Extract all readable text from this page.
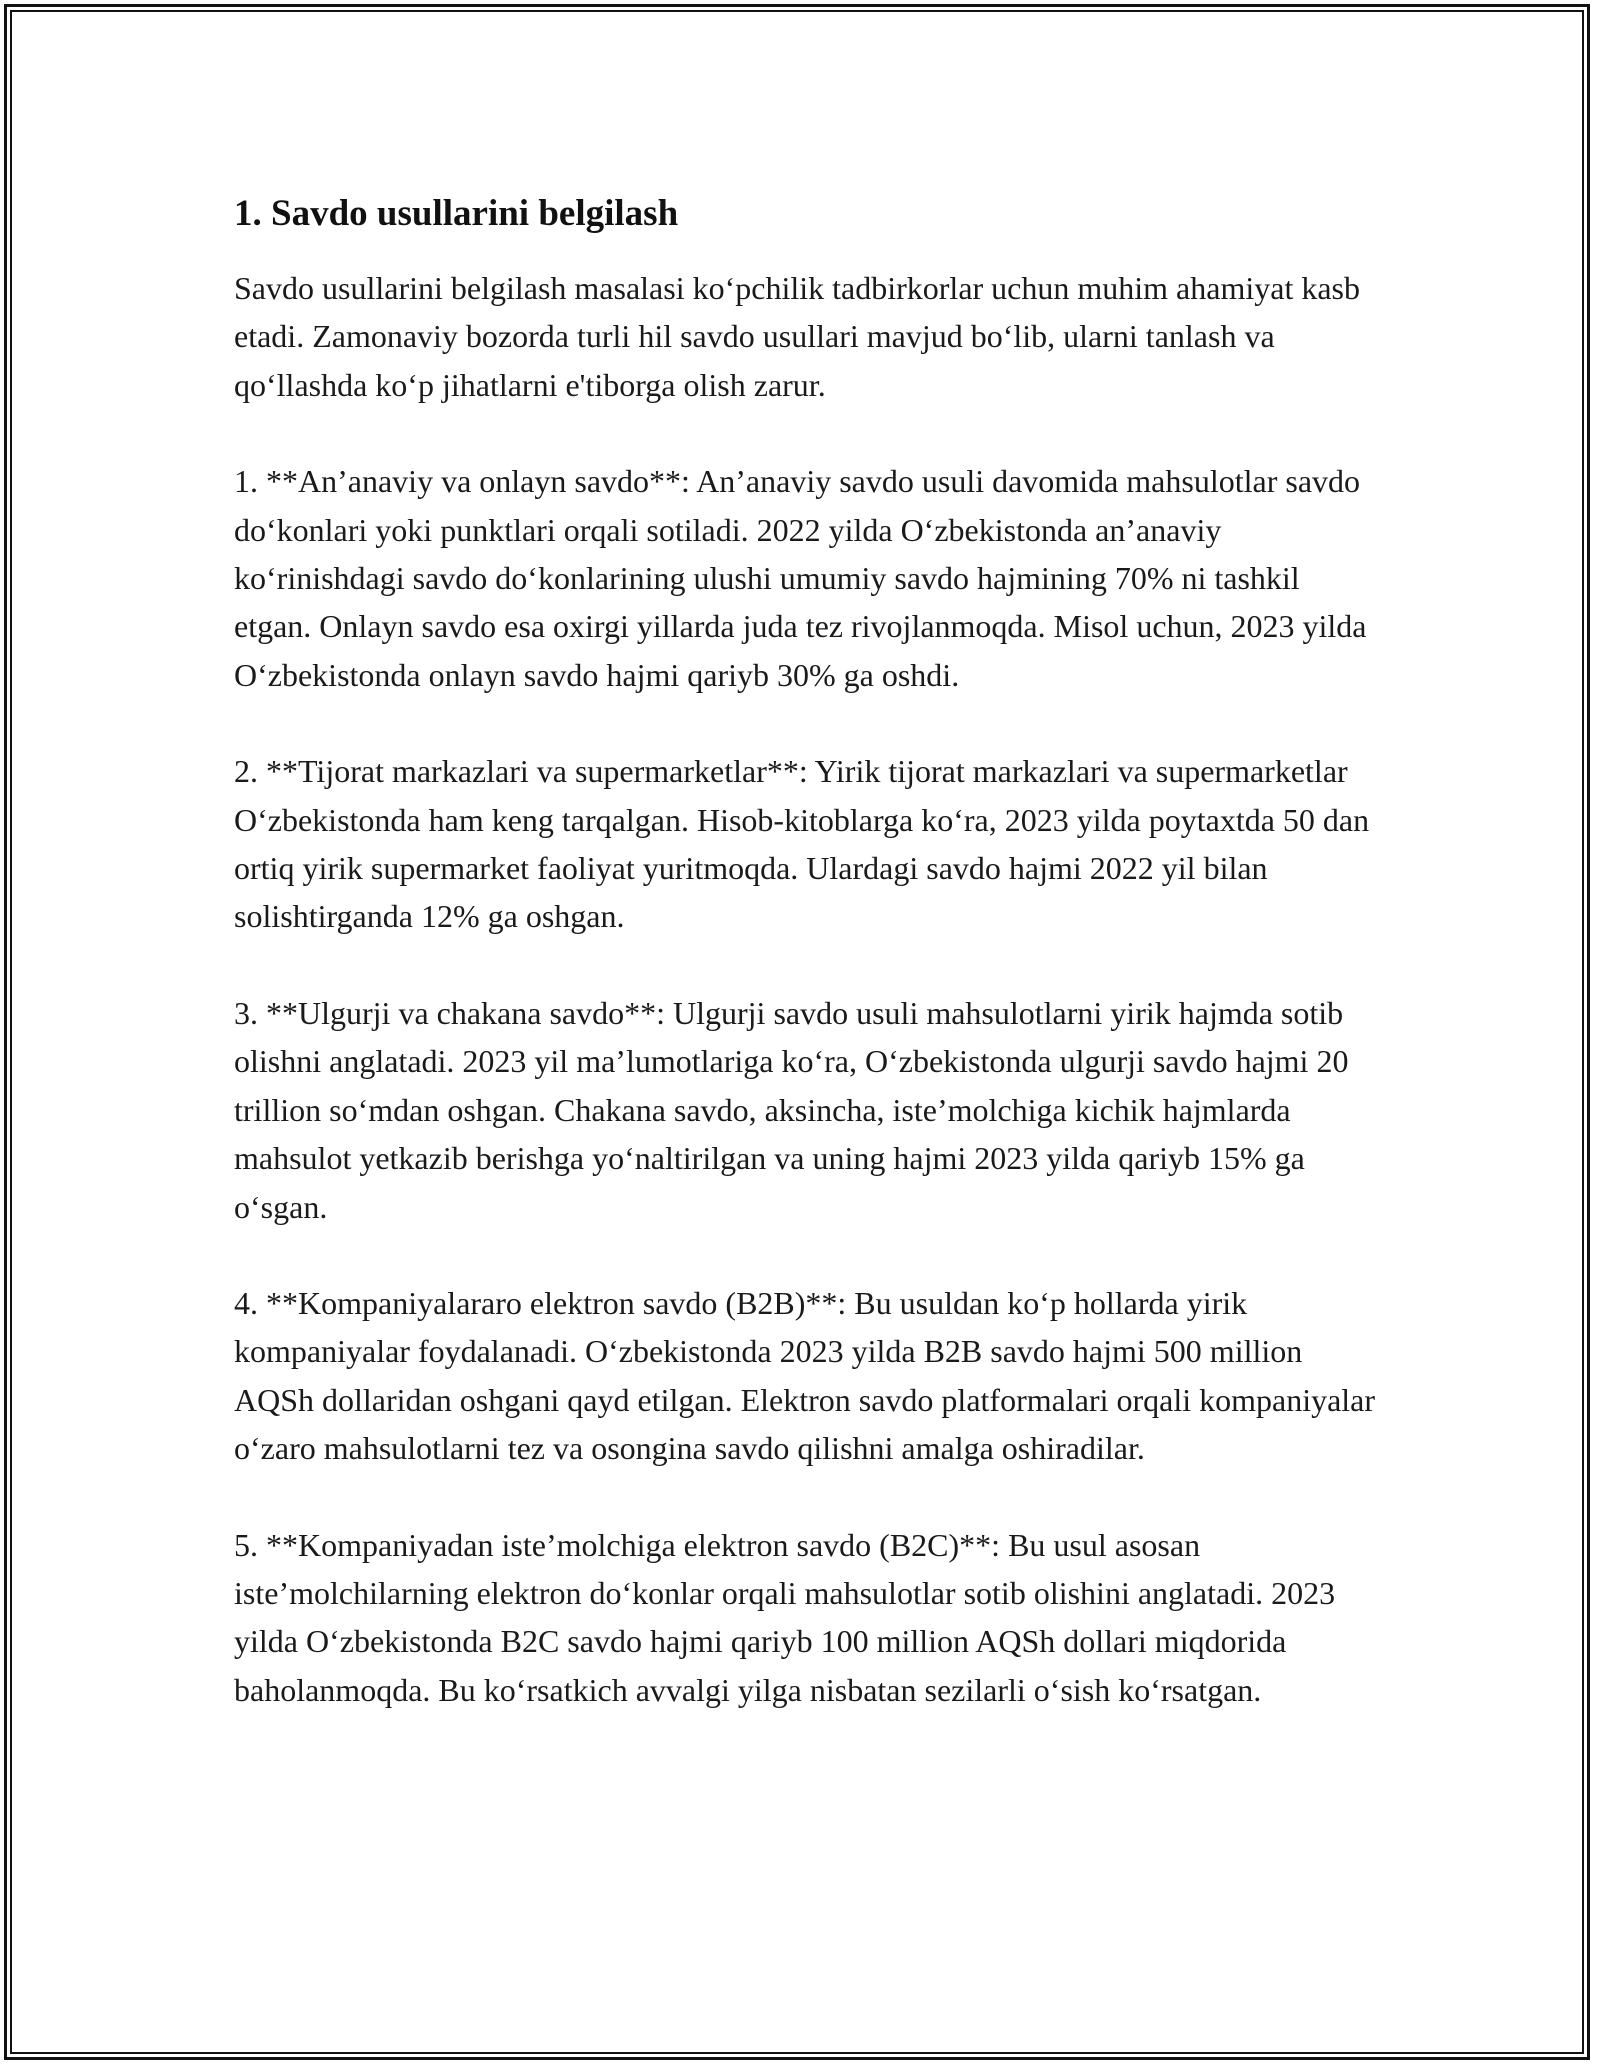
1. Savdo usullarini belgilash

Savdo usullarini belgilash masalasi ko‘pchilik tadbirkorlar uchun muhim ahamiyat kasb etadi. Zamonaviy bozorda turli hil savdo usullari mavjud bo‘lib, ularni tanlash va qo‘llashda ko‘p jihatlarni e'tiborga olish zarur.

1. **An’anaviy va onlayn savdo**: An’anaviy savdo usuli davomida mahsulotlar savdo do‘konlari yoki punktlari orqali sotiladi. 2022 yilda O‘zbekistonda an’anaviy ko‘rinishdagi savdo do‘konlarining ulushi umumiy savdo hajmining 70% ni tashkil etgan. Onlayn savdo esa oxirgi yillarda juda tez rivojlanmoqda. Misol uchun, 2023 yilda O‘zbekistonda onlayn savdo hajmi qariyb 30% ga oshdi.

2. **Tijorat markazlari va supermarketlar**: Yirik tijorat markazlari va supermarketlar O‘zbekistonda ham keng tarqalgan. Hisob-kitoblarga ko‘ra, 2023 yilda poytaxtda 50 dan ortiq yirik supermarket faoliyat yuritmoqda. Ulardagi savdo hajmi 2022 yil bilan solishtirganda 12% ga oshgan.

3. **Ulgurji va chakana savdo**: Ulgurji savdo usuli mahsulotlarni yirik hajmda sotib olishni anglatadi. 2023 yil ma’lumotlariga ko‘ra, O‘zbekistonda ulgurji savdo hajmi 20 trillion so‘mdan oshgan. Chakana savdo, aksincha, iste’molchiga kichik hajmlarda mahsulot yetkazib berishga yo‘naltirilgan va uning hajmi 2023 yilda qariyb 15% ga o‘sgan.

4. **Kompaniyalararo elektron savdo (B2B)**: Bu usuldan ko‘p hollarda yirik kompaniyalar foydalanadi. O‘zbekistonda 2023 yilda B2B savdo hajmi 500 million AQSh dollaridan oshgani qayd etilgan. Elektron savdo platformalari orqali kompaniyalar o‘zaro mahsulotlarni tez va osongina savdo qilishni amalga oshiradilar.

5. **Kompaniyadan iste’molchiga elektron savdo (B2C)**: Bu usul asosan iste’molchilarning elektron do‘konlar orqali mahsulotlar sotib olishini anglatadi. 2023 yilda O‘zbekistonda B2C savdo hajmi qariyb 100 million AQSh dollari miqdorida baholanmoqda. Bu ko‘rsatkich avvalgi yilga nisbatan sezilarli o‘sish ko‘rsatgan.
